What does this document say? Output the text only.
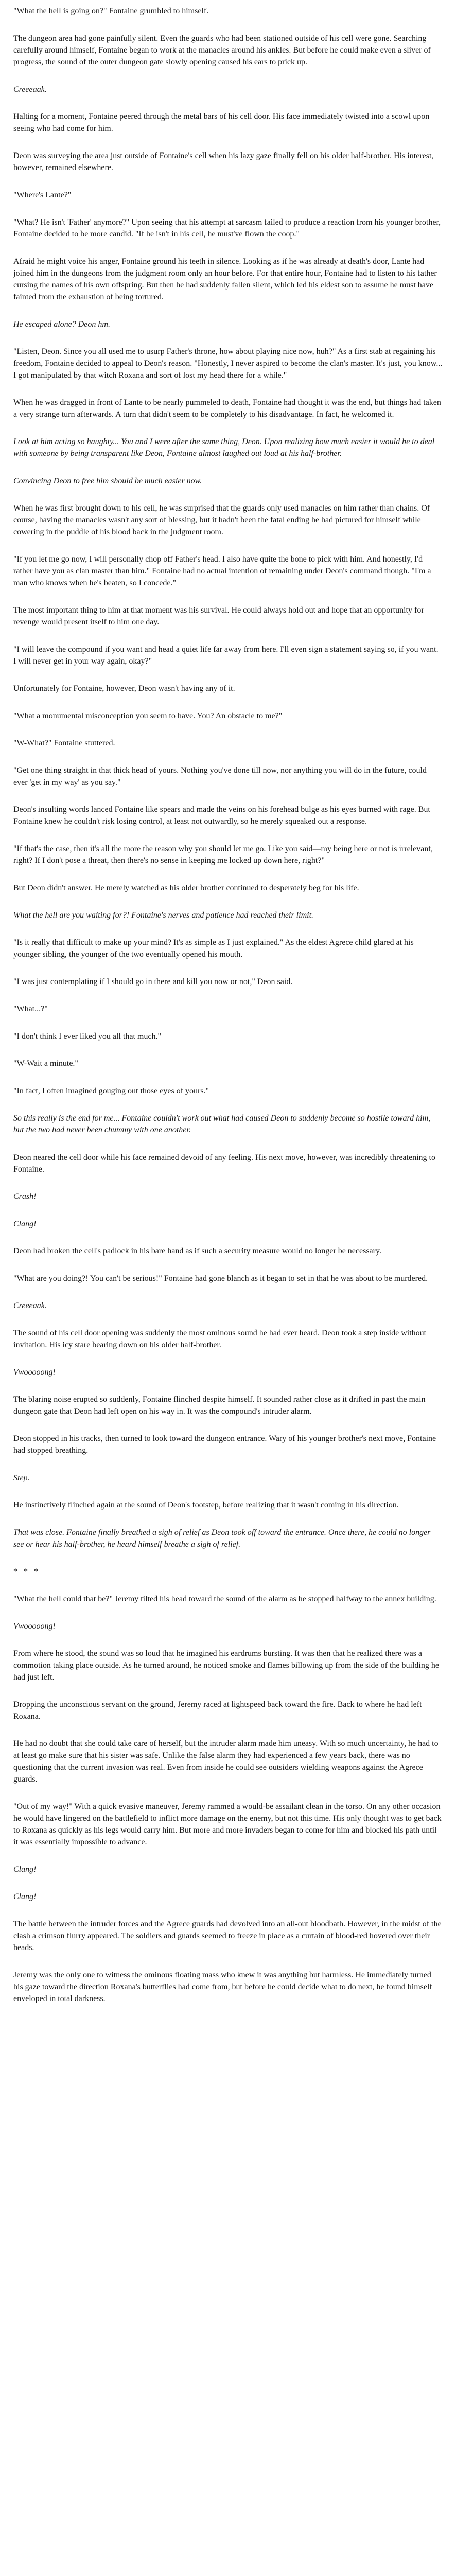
"What the hell is going on?" Fontaine grumbled to himself.

The dungeon area had gone painfully silent. Even the guards who had been stationed outside of his cell were gone. Searching carefully around himself, Fontaine began to work at the manacles around his ankles. But before he could make even a sliver of progress, the sound of the outer dungeon gate slowly opening caused his ears to prick up.

Creeeaak.

Halting for a moment, Fontaine peered through the metal bars of his cell door. His face immediately twisted into a scowl upon seeing who had come for him.

Deon was surveying the area just outside of Fontaine's cell when his lazy gaze finally fell on his older half-brother. His interest, however, remained elsewhere.

"Where's Lante?"

"What? He isn't 'Father' anymore?" Upon seeing that his attempt at sarcasm failed to produce a reaction from his younger brother, Fontaine decided to be more candid. "If he isn't in his cell, he must've flown the coop."

Afraid he might voice his anger, Fontaine ground his teeth in silence. Looking as if he was already at death's door, Lante had joined him in the dungeons from the judgment room only an hour before. For that entire hour, Fontaine had to listen to his father cursing the names of his own offspring. But then he had suddenly fallen silent, which led his eldest son to assume he must have fainted from the exhaustion of being tortured.

He escaped alone? Deon hm.

"Listen, Deon. Since you all used me to usurp Father's throne, how about playing nice now, huh?" As a first stab at regaining his freedom, Fontaine decided to appeal to Deon's reason. "Honestly, I never aspired to become the clan's master. It's just, you know... I got manipulated by that witch Roxana and sort of lost my head there for a while."

When he was dragged in front of Lante to be nearly pummeled to death, Fontaine had thought it was the end, but things had taken a very strange turn afterwards. A turn that didn't seem to be completely to his disadvantage. In fact, he welcomed it.

Look at him acting so haughty... You and I were after the same thing, Deon. Upon realizing how much easier it would be to deal with someone by being transparent like Deon, Fontaine almost laughed out loud at his half-brother.

Convincing Deon to free him should be much easier now.

When he was first brought down to his cell, he was surprised that the guards only used manacles on him rather than chains. Of course, having the manacles wasn't any sort of blessing, but it hadn't been the fatal ending he had pictured for himself while cowering in the puddle of his blood back in the judgment room.

"If you let me go now, I will personally chop off Father's head. I also have quite the bone to pick with him. And honestly, I'd rather have you as clan master than him." Fontaine had no actual intention of remaining under Deon's command though. "I'm a man who knows when he's beaten, so I concede."

The most important thing to him at that moment was his survival. He could always hold out and hope that an opportunity for revenge would present itself to him one day.

"I will leave the compound if you want and head a quiet life far away from here. I'll even sign a statement saying so, if you want. I will never get in your way again, okay?"

Unfortunately for Fontaine, however, Deon wasn't having any of it.

"What a monumental misconception you seem to have. You? An obstacle to me?"

"W-What?" Fontaine stuttered.

"Get one thing straight in that thick head of yours. Nothing you've done till now, nor anything you will do in the future, could ever 'get in my way' as you say."

Deon's insulting words lanced Fontaine like spears and made the veins on his forehead bulge as his eyes burned with rage. But Fontaine knew he couldn't risk losing control, at least not outwardly, so he merely squeaked out a response.

"If that's the case, then it's all the more the reason why you should let me go. Like you said—my being here or not is irrelevant, right? If I don't pose a threat, then there's no sense in keeping me locked up down here, right?"

But Deon didn't answer. He merely watched as his older brother continued to desperately beg for his life.

What the hell are you waiting for?! Fontaine's nerves and patience had reached their limit.

"Is it really that difficult to make up your mind? It's as simple as I just explained." As the eldest Agrece child glared at his younger sibling, the younger of the two eventually opened his mouth.

"I was just contemplating if I should go in there and kill you now or not," Deon said.

"What...?"

"I don't think I ever liked you all that much."

"W-Wait a minute."

"In fact, I often imagined gouging out those eyes of yours."

So this really is the end for me... Fontaine couldn't work out what had caused Deon to suddenly become so hostile toward him, but the two had never been chummy with one another.

Deon neared the cell door while his face remained devoid of any feeling. His next move, however, was incredibly threatening to Fontaine.

Crash!

Clang!

Deon had broken the cell's padlock in his bare hand as if such a security measure would no longer be necessary.

"What are you doing?! You can't be serious!" Fontaine had gone blanch as it began to set in that he was about to be murdered.

Creeeaak.

The sound of his cell door opening was suddenly the most ominous sound he had ever heard. Deon took a step inside without invitation. His icy stare bearing down on his older half-brother.

Vwooooong!

The blaring noise erupted so suddenly, Fontaine flinched despite himself. It sounded rather close as it drifted in past the main dungeon gate that Deon had left open on his way in. It was the compound's intruder alarm.

Deon stopped in his tracks, then turned to look toward the dungeon entrance. Wary of his younger brother's next move, Fontaine had stopped breathing.

Step.

He instinctively flinched again at the sound of Deon's footstep, before realizing that it wasn't coming in his direction.

That was close. Fontaine finally breathed a sigh of relief as Deon took off toward the entrance. Once there, he could no longer see or hear his half-brother, he heard himself breathe a sigh of relief.

* * *

"What the hell could that be?" Jeremy tilted his head toward the sound of the alarm as he stopped halfway to the annex building.

Vwooooong!

From where he stood, the sound was so loud that he imagined his eardrums bursting. It was then that he realized there was a commotion taking place outside. As he turned around, he noticed smoke and flames billowing up from the side of the building he had just left.

Dropping the unconscious servant on the ground, Jeremy raced at lightspeed back toward the fire. Back to where he had left Roxana.

He had no doubt that she could take care of herself, but the intruder alarm made him uneasy. With so much uncertainty, he had to at least go make sure that his sister was safe. Unlike the false alarm they had experienced a few years back, there was no questioning that the current invasion was real. Even from inside he could see outsiders wielding weapons against the Agrece guards.

"Out of my way!" With a quick evasive maneuver, Jeremy rammed a would-be assailant clean in the torso. On any other occasion he would have lingered on the battlefield to inflict more damage on the enemy, but not this time. His only thought was to get back to Roxana as quickly as his legs would carry him. But more and more invaders began to come for him and blocked his path until it was essentially impossible to advance.

Clang!

Clang!

The battle between the intruder forces and the Agrece guards had devolved into an all-out bloodbath. However, in the midst of the clash a crimson flurry appeared. The soldiers and guards seemed to freeze in place as a curtain of blood-red hovered over their heads.

Jeremy was the only one to witness the ominous floating mass who knew it was anything but harmless. He immediately turned his gaze toward the direction Roxana's butterflies had come from, but before he could decide what to do next, he found himself enveloped in total darkness.
